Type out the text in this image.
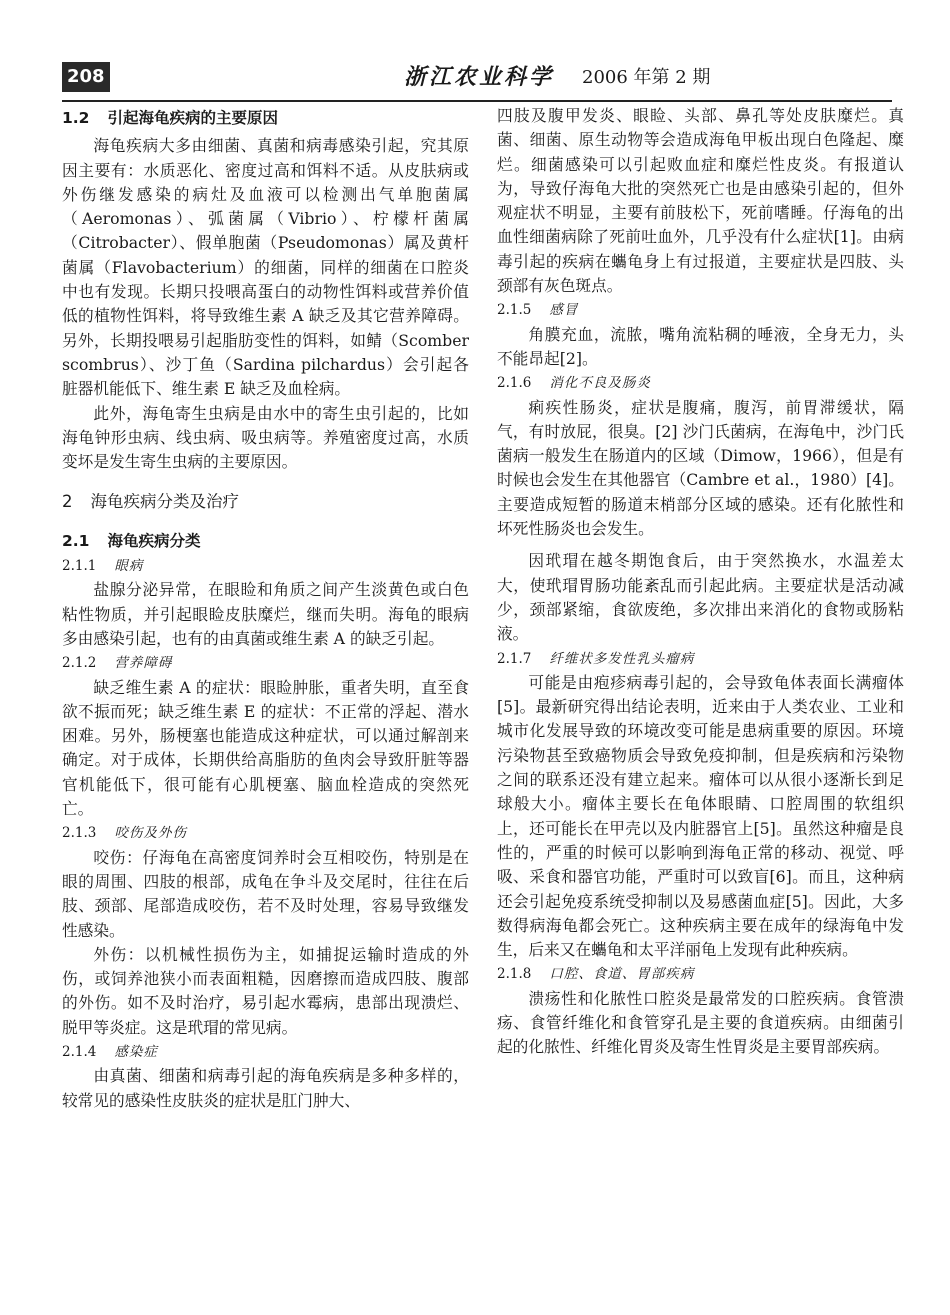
208	浙江农业科学 2006 年第 2 期
1.2 引起海龟疾病的主要原因

海龟疾病大多由细菌、真菌和病毒感染引起，究其原因主要有：水质恶化、密度过高和饵料不适。从皮肤病或外伤继发感染的病灶及血液可以检测出气单胞菌属（Aeromonas）、弧菌属（Vibrio）、柠檬杆菌属（Citrobacter）、假单胞菌（Pseudomonas）属及黄杆菌属（Flavobacterium）的细菌，同样的细菌在口腔炎中也有发现。长期只投喂高蛋白的动物性饵料或营养价值低的植物性饵料，将导致维生素 A 缺乏及其它营养障碍。另外，长期投喂易引起脂肪变性的饵料，如鲭（Scomber scombrus）、沙丁鱼（Sardina pilchardus）会引起各脏器机能低下、维生素 E 缺乏及血栓病。

此外，海龟寄生虫病是由水中的寄生虫引起的，比如海龟钟形虫病、线虫病、吸虫病等。养殖密度过高，水质变坏是发生寄生虫病的主要原因。

2 海龟疾病分类及治疗
2.1 海龟疾病分类
2.1.1 眼病

盐腺分泌异常，在眼睑和角质之间产生淡黄色或白色粘性物质，并引起眼睑皮肤糜烂，继而失明。海龟的眼病多由感染引起，也有的由真菌或维生素 A 的缺乏引起。

2.1.2 营养障碍

缺乏维生素 A 的症状：眼睑肿胀，重者失明，直至食欲不振而死；缺乏维生素 E 的症状：不正常的浮起、潜水困难。另外，肠梗塞也能造成这种症状，可以通过解剖来确定。对于成体，长期供给高脂肪的鱼肉会导致肝脏等器官机能低下，很可能有心肌梗塞、脑血栓造成的突然死亡。

2.1.3 咬伤及外伤

咬伤：仔海龟在高密度饲养时会互相咬伤，特别是在眼的周围、四肢的根部，成龟在争斗及交尾时，往往在后肢、颈部、尾部造成咬伤，若不及时处理，容易导致继发性感染。

外伤：以机械性损伤为主，如捕捉运输时造成的外伤，或饲养池狭小而表面粗糙，因磨擦而造成四肢、腹部的外伤。如不及时治疗，易引起水霉病，患部出现溃烂、脱甲等炎症。这是玳瑁的常见病。

2.1.4 感染症

由真菌、细菌和病毒引起的海龟疾病是多种多样的，较常见的感染性皮肤炎的症状是肛门肿大、

四肢及腹甲发炎、眼睑、头部、鼻孔等处皮肤糜烂。真菌、细菌、原生动物等会造成海龟甲板出现白色隆起、糜烂。细菌感染可以引起败血症和糜烂性皮炎。有报道认为，导致仔海龟大批的突然死亡也是由感染引起的，但外观症状不明显，主要有前肢松下，死前嗜睡。仔海龟的出血性细菌病除了死前吐血外，几乎没有什么症状[1]。由病毒引起的疾病在蠵龟身上有过报道，主要症状是四肢、头颈部有灰色斑点。

2.1.5 感冒

角膜充血，流脓，嘴角流粘稠的唾液，全身无力，头不能昂起[2]。

2.1.6 消化不良及肠炎

痢疾性肠炎，症状是腹痛，腹泻，前胃滞缓状，隔气，有时放屁，很臭。[2] 沙门氏菌病，在海龟中，沙门氏菌病一般发生在肠道内的区域（Dimow，1966），但是有时候也会发生在其他器官（Cambre et al.，1980）[4]。主要造成短暂的肠道末梢部分区域的感染。还有化脓性和坏死性肠炎也会发生。

因玳瑁在越冬期饱食后，由于突然换水，水温差太大，使玳瑁胃肠功能紊乱而引起此病。主要症状是活动减少，颈部紧缩，食欲废绝，多次排出来消化的食物或肠粘液。

2.1.7 纤维状多发性乳头瘤病

可能是由疱疹病毒引起的，会导致龟体表面长满瘤体[5]。最新研究得出结论表明，近来由于人类农业、工业和城市化发展导致的环境改变可能是患病重要的原因。环境污染物甚至致癌物质会导致免疫抑制，但是疾病和污染物之间的联系还没有建立起来。瘤体可以从很小逐渐长到足球般大小。瘤体主要长在龟体眼睛、口腔周围的软组织上，还可能长在甲壳以及内脏器官上[5]。虽然这种瘤是良性的，严重的时候可以影响到海龟正常的移动、视觉、呼吸、采食和器官功能，严重时可以致盲[6]。而且，这种病还会引起免疫系统受抑制以及易感菌血症[5]。因此，大多数得病海龟都会死亡。这种疾病主要在成年的绿海龟中发生，后来又在蠵龟和太平洋丽龟上发现有此种疾病。

2.1.8 口腔、食道、胃部疾病

溃疡性和化脓性口腔炎是最常发的口腔疾病。食管溃疡、食管纤维化和食管穿孔是主要的食道疾病。由细菌引起的化脓性、纤维化胃炎及寄生性胃炎是主要胃部疾病。
